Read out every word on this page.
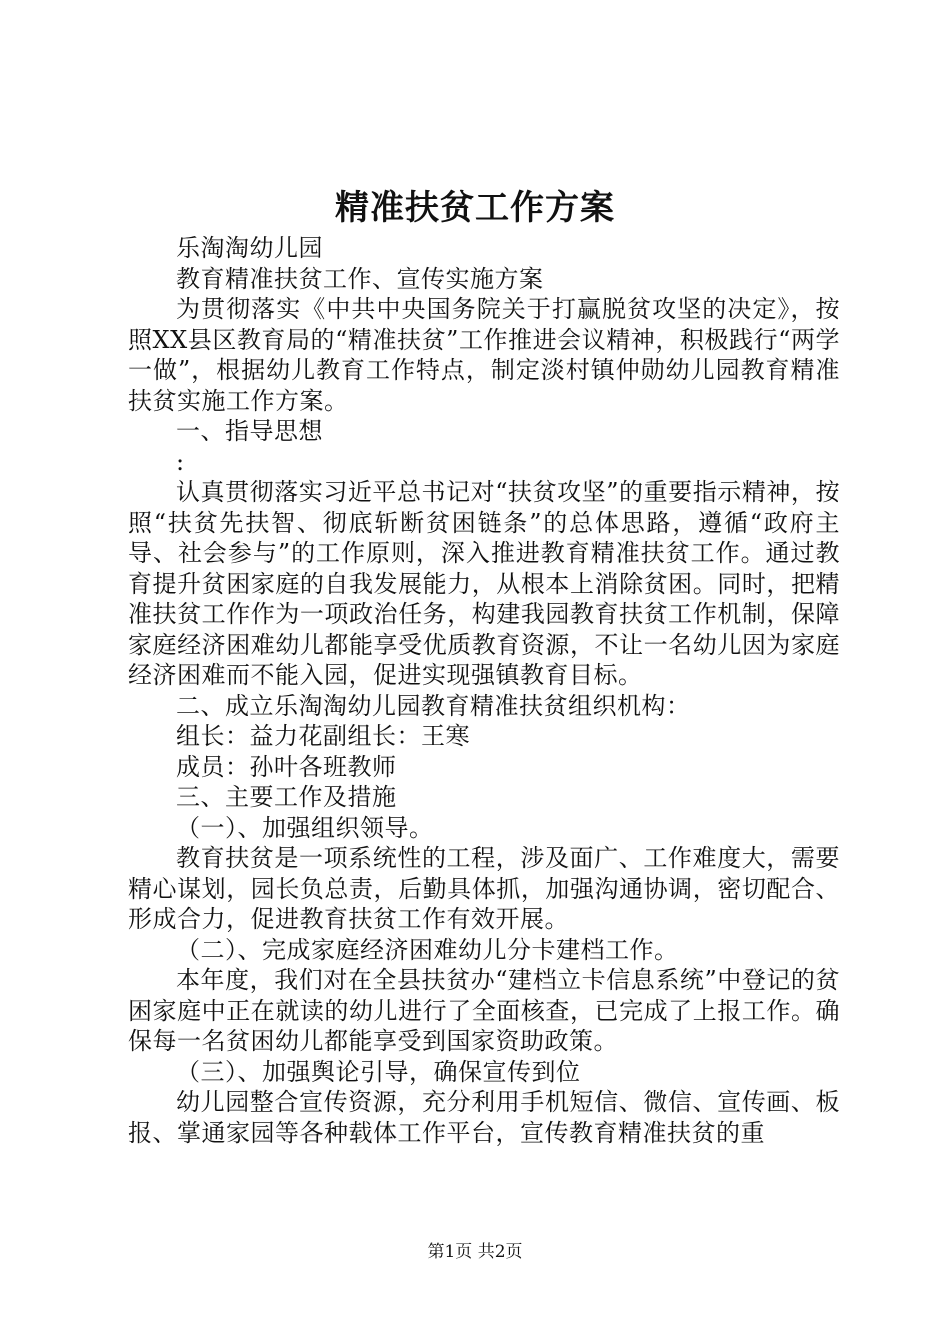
精准扶贫工作方案

乐淘淘幼儿园

教育精准扶贫工作、宣传实施方案

为贯彻落实《中共中央国务院关于打赢脱贫攻坚的决定》，按照XX县区教育局的“精准扶贫”工作推进会议精神，积极践行“两学一做”，根据幼儿教育工作特点，制定淡村镇仲勋幼儿园教育精准扶贫实施工作方案。

一、指导思想

:

认真贯彻落实习近平总书记对“扶贫攻坚”的重要指示精神，按照“扶贫先扶智、彻底斩断贫困链条”的总体思路，遵循“政府主导、社会参与”的工作原则，深入推进教育精准扶贫工作。通过教育提升贫困家庭的自我发展能力，从根本上消除贫困。同时，把精准扶贫工作作为一项政治任务，构建我园教育扶贫工作机制，保障家庭经济困难幼儿都能享受优质教育资源，不让一名幼儿因为家庭经济困难而不能入园，促进实现强镇教育目标。

二、成立乐淘淘幼儿园教育精准扶贫组织机构：

组长：益力花副组长：王寒

成员：孙叶各班教师

三、主要工作及措施

（一）、加强组织领导。

教育扶贫是一项系统性的工程，涉及面广、工作难度大，需要精心谋划，园长负总责，后勤具体抓，加强沟通协调，密切配合、形成合力，促进教育扶贫工作有效开展。

（二）、完成家庭经济困难幼儿分卡建档工作。

本年度，我们对在全县扶贫办“建档立卡信息系统”中登记的贫困家庭中正在就读的幼儿进行了全面核查，已完成了上报工作。确保每一名贫困幼儿都能享受到国家资助政策。

（三）、加强舆论引导，确保宣传到位

幼儿园整合宣传资源，充分利用手机短信、微信、宣传画、板报、掌通家园等各种载体工作平台，宣传教育精准扶贫的重

第1页 共2页
